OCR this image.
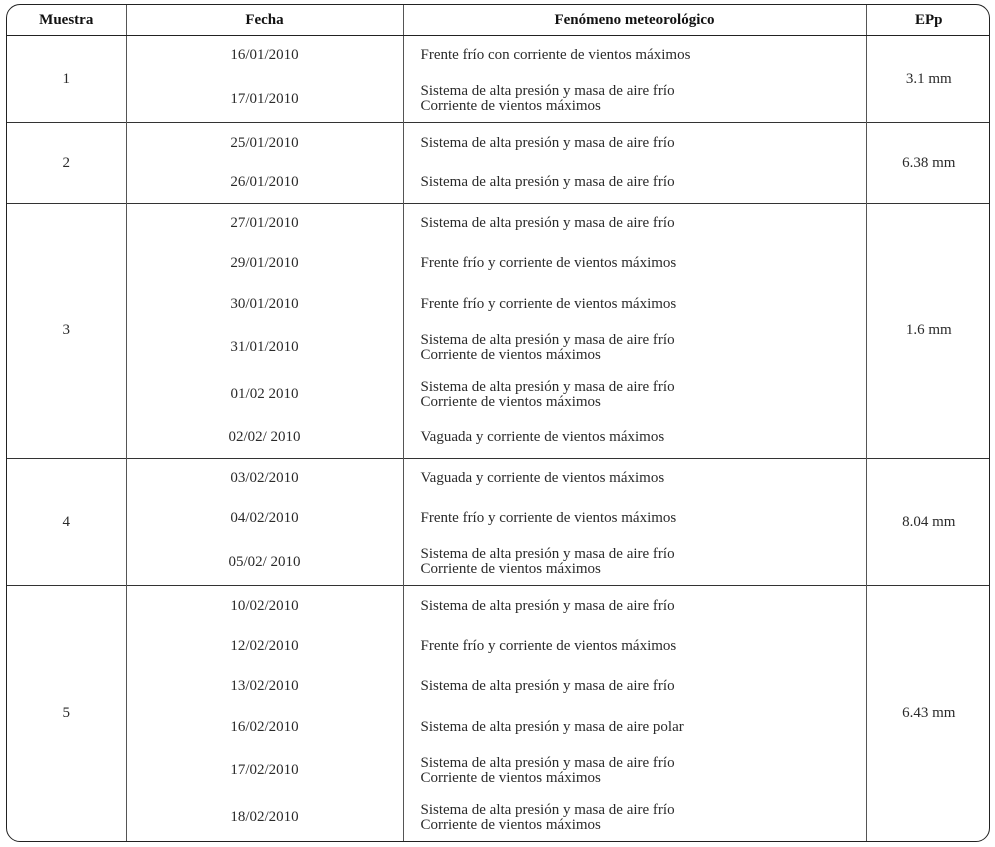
Muestra	Fecha	Fenómeno meteorológico	EPp
1	16/01/2010	Frente frío con corriente de vientos máximos	3.1 mm
	17/01/2010	Sistema de alta presión y masa de aire frío
Corriente de vientos máximos	

2	25/01/2010	Sistema de alta presión y masa de aire frío	6.38 mm
	26/01/2010	Sistema de alta presión y masa de aire frío	

3	27/01/2010	Sistema de alta presión y masa de aire frío	1.6 mm
	29/01/2010	Frente frío y corriente de vientos máximos	

	30/01/2010	Frente frío y corriente de vientos máximos	

	31/01/2010	Sistema de alta presión y masa de aire frío
Corriente de vientos máximos	

	01/02 2010	Sistema de alta presión y masa de aire frío
Corriente de vientos máximos	

	02/02/ 2010	Vaguada y corriente de vientos máximos	

4	03/02/2010	Vaguada y corriente de vientos máximos	8.04 mm
	04/02/2010	Frente frío y corriente de vientos máximos	

	05/02/ 2010	Sistema de alta presión y masa de aire frío
Corriente de vientos máximos	

5	10/02/2010	Sistema de alta presión y masa de aire frío	6.43 mm
	12/02/2010	Frente frío y corriente de vientos máximos	

	13/02/2010	Sistema de alta presión y masa de aire frío	

	16/02/2010	Sistema de alta presión y masa de aire polar	

	17/02/2010	Sistema de alta presión y masa de aire frío
Corriente de vientos máximos	

	18/02/2010	Sistema de alta presión y masa de aire frío
Corriente de vientos máximos	
